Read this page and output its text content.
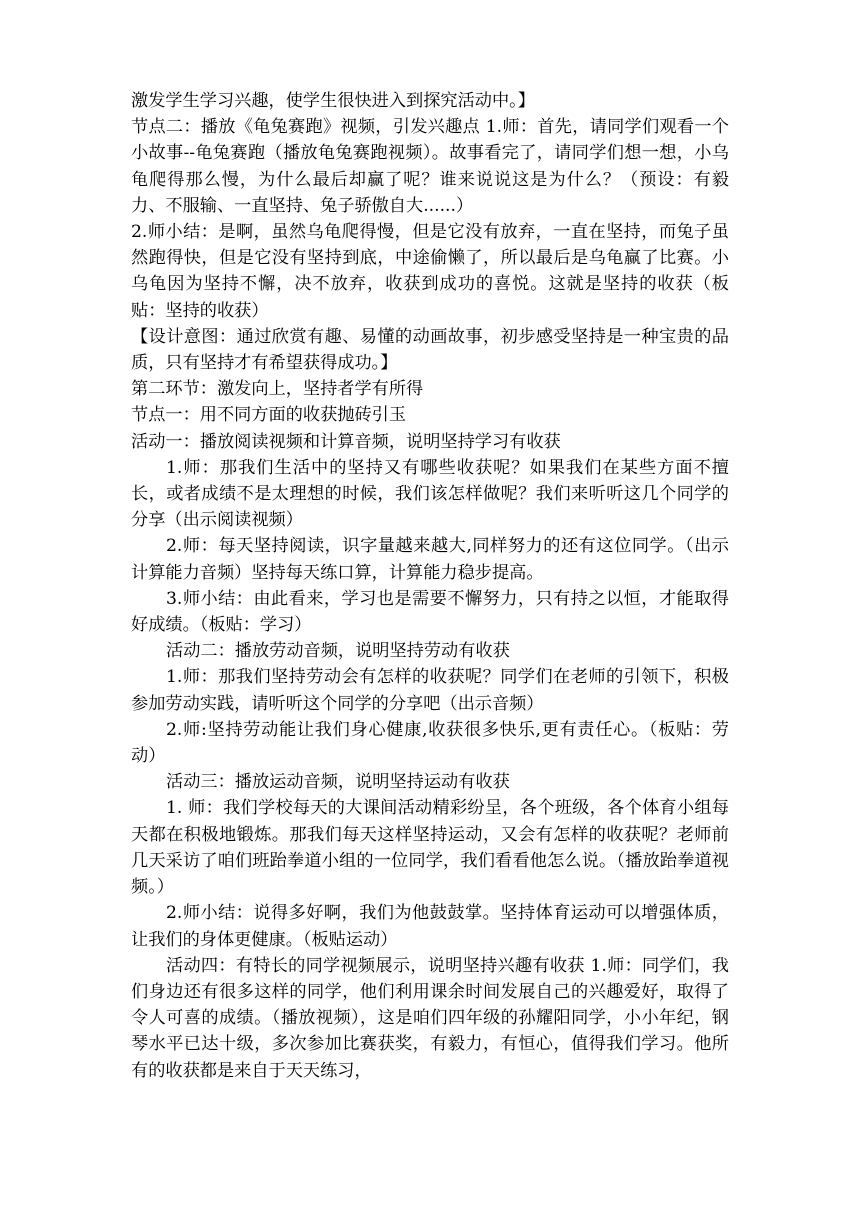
激发学生学习兴趣，使学生很快进入到探究活动中。】

节点二：播放《龟兔赛跑》视频，引发兴趣点 1.师：首先，请同学们观看一个小故事--龟兔赛跑（播放龟兔赛跑视频）。故事看完了，请同学们想一想，小乌龟爬得那么慢，为什么最后却赢了呢？谁来说说这是为什么？（预设：有毅力、不服输、一直坚持、兔子骄傲自大......）

2.师小结：是啊，虽然乌龟爬得慢，但是它没有放弃，一直在坚持，而兔子虽然跑得快，但是它没有坚持到底，中途偷懒了，所以最后是乌龟赢了比赛。小乌龟因为坚持不懈，决不放弃，收获到成功的喜悦。这就是坚持的收获（板贴：坚持的收获）

【设计意图：通过欣赏有趣、易懂的动画故事，初步感受坚持是一种宝贵的品质，只有坚持才有希望获得成功。】

第二环节：激发向上，坚持者学有所得

节点一：用不同方面的收获抛砖引玉

活动一：播放阅读视频和计算音频，说明坚持学习有收获

1.师：那我们生活中的坚持又有哪些收获呢？如果我们在某些方面不擅长，或者成绩不是太理想的时候，我们该怎样做呢？我们来听听这几个同学的分享（出示阅读视频）

2.师：每天坚持阅读，识字量越来越大,同样努力的还有这位同学。（出示计算能力音频）坚持每天练口算，计算能力稳步提高。

3.师小结：由此看来，学习也是需要不懈努力，只有持之以恒，才能取得好成绩。（板贴：学习）

活动二：播放劳动音频，说明坚持劳动有收获

1.师：那我们坚持劳动会有怎样的收获呢？同学们在老师的引领下，积极参加劳动实践，请听听这个同学的分享吧（出示音频）

2.师:坚持劳动能让我们身心健康,收获很多快乐,更有责任心。（板贴：劳动）

活动三：播放运动音频，说明坚持运动有收获

1. 师：我们学校每天的大课间活动精彩纷呈，各个班级，各个体育小组每天都在积极地锻炼。那我们每天这样坚持运动，又会有怎样的收获呢？老师前几天采访了咱们班跆拳道小组的一位同学，我们看看他怎么说。（播放跆拳道视频。）

2.师小结：说得多好啊，我们为他鼓鼓掌。坚持体育运动可以增强体质，让我们的身体更健康。（板贴运动）

活动四：有特长的同学视频展示，说明坚持兴趣有收获 1.师：同学们，我们身边还有很多这样的同学，他们利用课余时间发展自己的兴趣爱好，取得了令人可喜的成绩。（播放视频），这是咱们四年级的孙耀阳同学，小小年纪，钢琴水平已达十级，多次参加比赛获奖，有毅力，有恒心，值得我们学习。他所有的收获都是来自于天天练习，
